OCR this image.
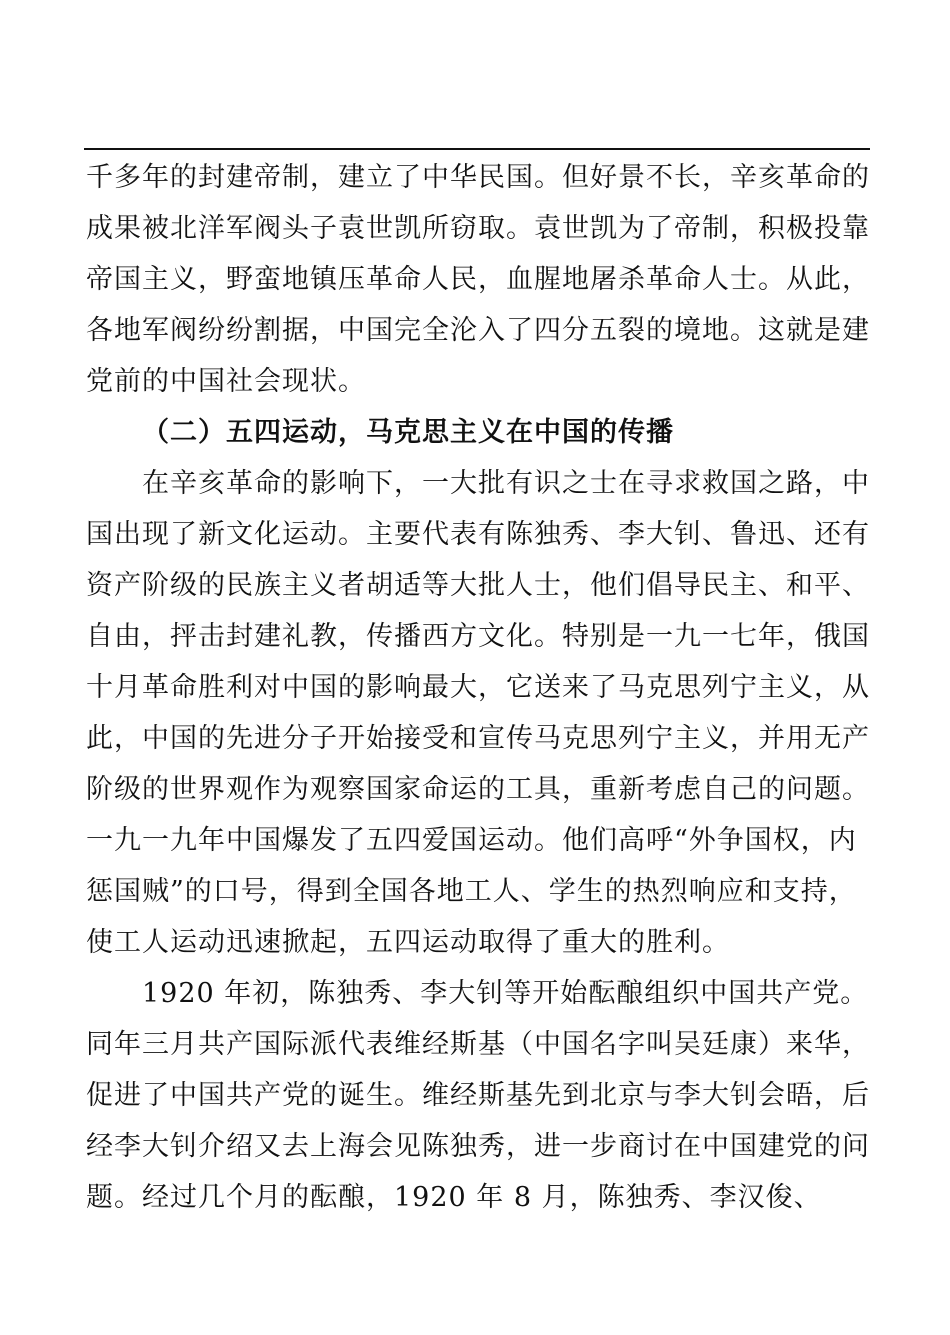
千多年的封建帝制，建立了中华民国。但好景不长，辛亥革命的成果被北洋军阀头子袁世凯所窃取。袁世凯为了帝制，积极投靠帝国主义，野蛮地镇压革命人民，血腥地屠杀革命人士。从此，各地军阀纷纷割据，中国完全沦入了四分五裂的境地。这就是建党前的中国社会现状。

（二）五四运动，马克思主义在中国的传播

在辛亥革命的影响下，一大批有识之士在寻求救国之路，中国出现了新文化运动。主要代表有陈独秀、李大钊、鲁迅、还有资产阶级的民族主义者胡适等大批人士，他们倡导民主、和平、自由，抨击封建礼教，传播西方文化。特别是一九一七年，俄国十月革命胜利对中国的影响最大，它送来了马克思列宁主义，从此，中国的先进分子开始接受和宣传马克思列宁主义，并用无产阶级的世界观作为观察国家命运的工具，重新考虑自己的问题。一九一九年中国爆发了五四爱国运动。他们高呼“外争国权，内惩国贼”的口号，得到全国各地工人、学生的热烈响应和支持，使工人运动迅速掀起，五四运动取得了重大的胜利。

1920 年初，陈独秀、李大钊等开始酝酿组织中国共产党。同年三月共产国际派代表维经斯基（中国名字叫吴廷康）来华，促进了中国共产党的诞生。维经斯基先到北京与李大钊会晤，后经李大钊介绍又去上海会见陈独秀，进一步商讨在中国建党的问题。经过几个月的酝酿，1920 年 8 月，陈独秀、李汉俊、
